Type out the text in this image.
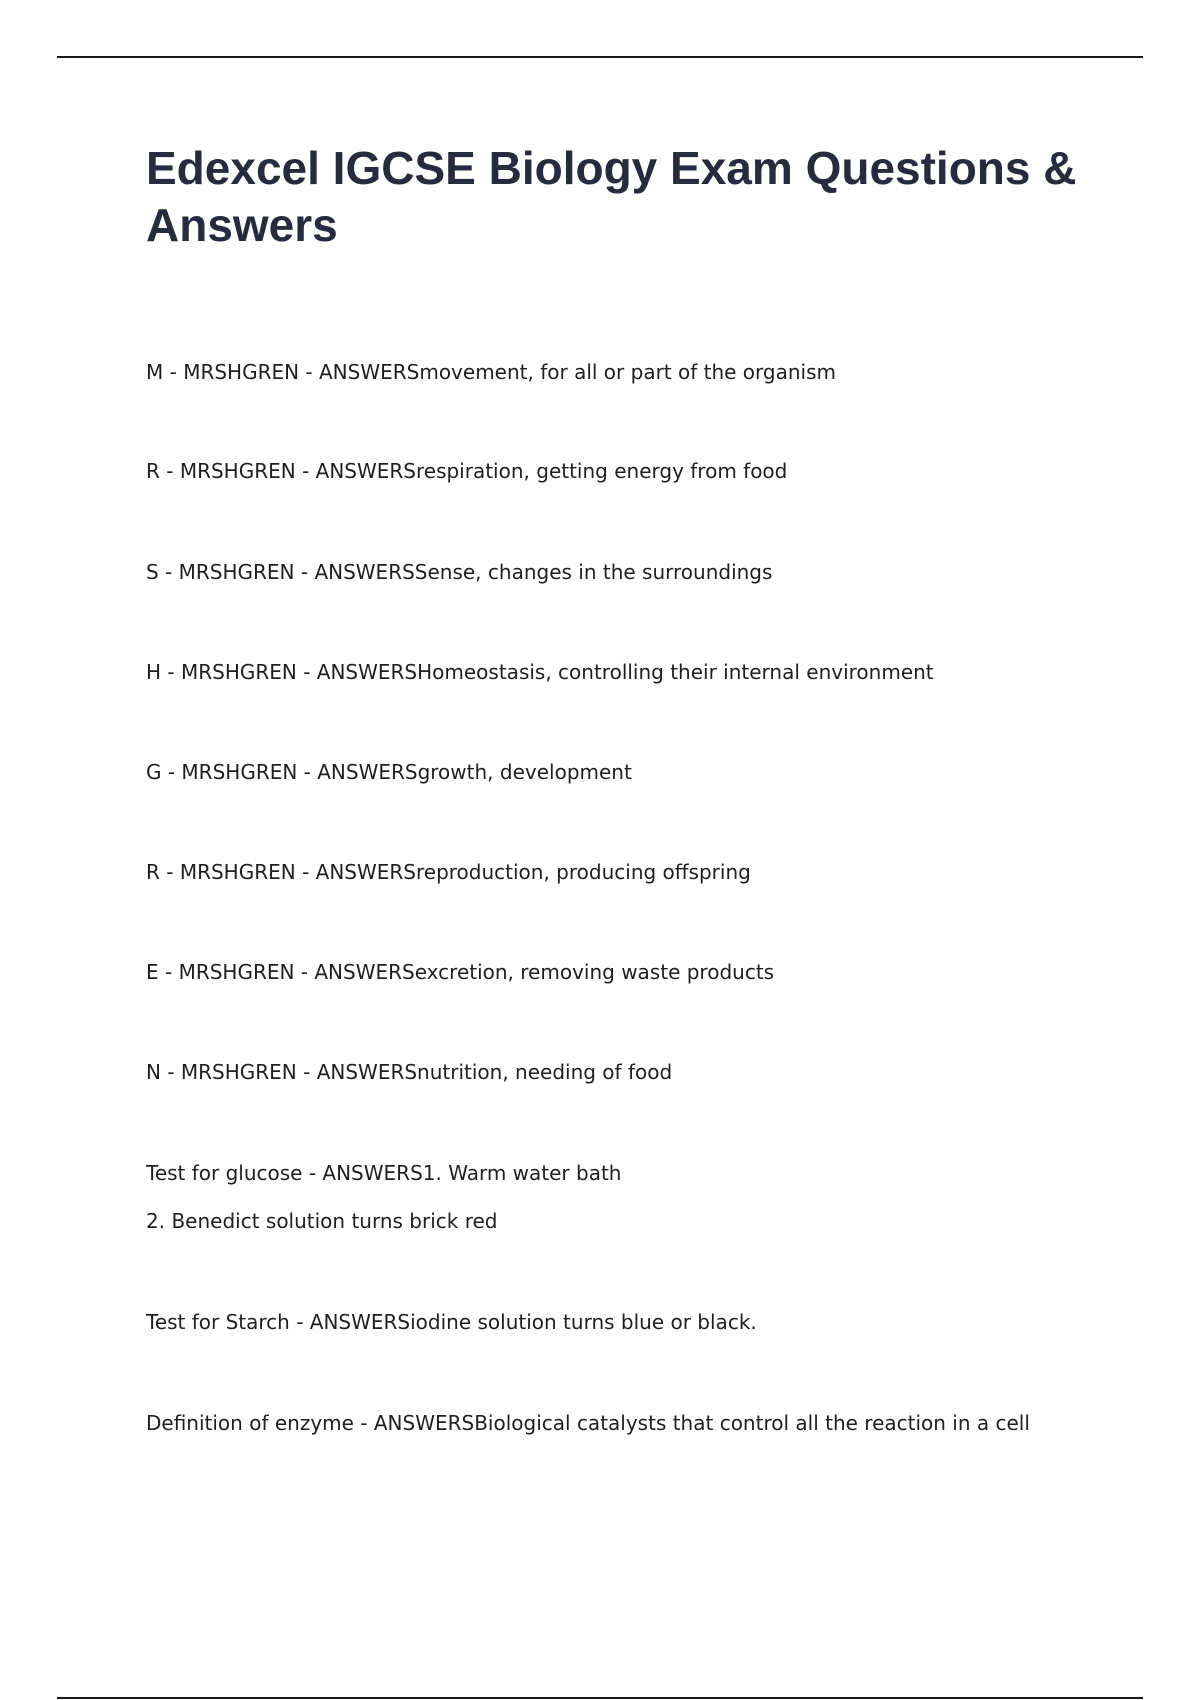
Edexcel IGCSE Biology Exam Questions & Answers
M - MRSHGREN - ANSWERSmovement, for all or part of the organism
R - MRSHGREN - ANSWERSrespiration, getting energy from food
S - MRSHGREN - ANSWERSSense, changes in the surroundings
H - MRSHGREN - ANSWERSHomeostasis, controlling their internal environment
G - MRSHGREN - ANSWERSgrowth, development
R - MRSHGREN - ANSWERSreproduction, producing offspring
E - MRSHGREN - ANSWERSexcretion, removing waste products
N - MRSHGREN - ANSWERSnutrition, needing of food
Test for glucose - ANSWERS1. Warm water bath
2. Benedict solution turns brick red
Test for Starch - ANSWERSiodine solution turns blue or black.
Definition of enzyme - ANSWERSBiological catalysts that control all the reaction in a cell
